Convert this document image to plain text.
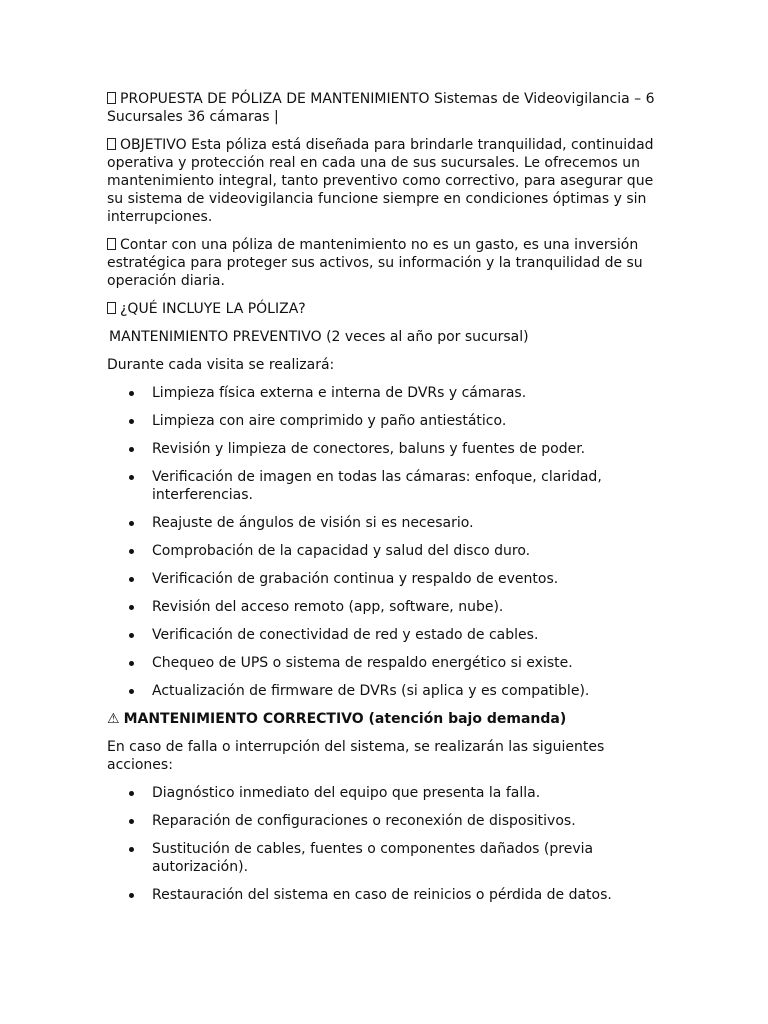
PROPUESTA DE PÓLIZA DE MANTENIMIENTO Sistemas de Videovigilancia – 6 Sucursales 36 cámaras |

OBJETIVO Esta póliza está diseñada para brindarle tranquilidad, continuidad operativa y protección real en cada una de sus sucursales. Le ofrecemos un mantenimiento integral, tanto preventivo como correctivo, para asegurar que su sistema de videovigilancia funcione siempre en condiciones óptimas y sin interrupciones.

Contar con una póliza de mantenimiento no es un gasto, es una inversión estratégica para proteger sus activos, su información y la tranquilidad de su operación diaria.

¿QUÉ INCLUYE LA PÓLIZA?

MANTENIMIENTO PREVENTIVO (2 veces al año por sucursal)

Durante cada visita se realizará:

Limpieza física externa e interna de DVRs y cámaras.
Limpieza con aire comprimido y paño antiestático.
Revisión y limpieza de conectores, baluns y fuentes de poder.
Verificación de imagen en todas las cámaras: enfoque, claridad, interferencias.
Reajuste de ángulos de visión si es necesario.
Comprobación de la capacidad y salud del disco duro.
Verificación de grabación continua y respaldo de eventos.
Revisión del acceso remoto (app, software, nube).
Verificación de conectividad de red y estado de cables.
Chequeo de UPS o sistema de respaldo energético si existe.
Actualización de firmware de DVRs (si aplica y es compatible).

⚠ MANTENIMIENTO CORRECTIVO (atención bajo demanda)

En caso de falla o interrupción del sistema, se realizarán las siguientes acciones:

Diagnóstico inmediato del equipo que presenta la falla.
Reparación de configuraciones o reconexión de dispositivos.
Sustitución de cables, fuentes o componentes dañados (previa autorización).
Restauración del sistema en caso de reinicios o pérdida de datos.
